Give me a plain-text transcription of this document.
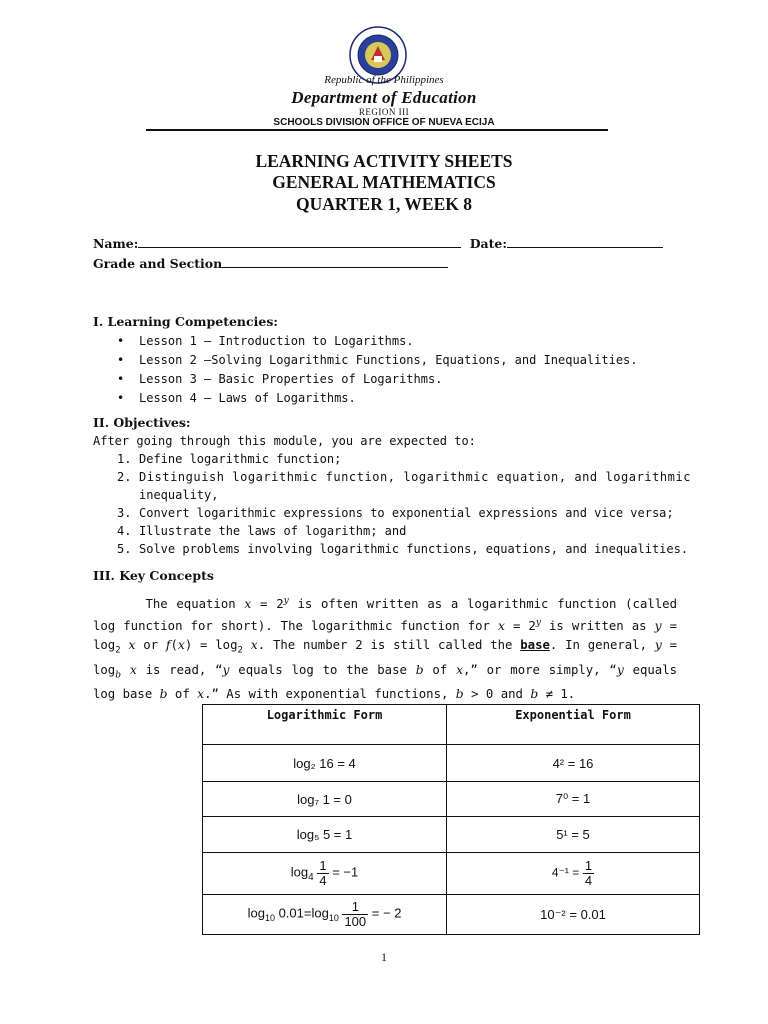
Republic of the Philippines
Department of Education
REGION III
SCHOOLS DIVISION OFFICE OF NUEVA ECIJA
LEARNING ACTIVITY SHEETS
GENERAL MATHEMATICS
QUARTER 1, WEEK 8
Name:	Date:
Grade and Section
I. Learning Competencies:
• Lesson 1 – Introduction to Logarithms.
• Lesson 2 –Solving Logarithmic Functions, Equations, and Inequalities.
• Lesson 3 – Basic Properties of Logarithms.
• Lesson 4 – Laws of Logarithms.
II. Objectives:
After going through this module, you are expected to:
1. Define logarithmic function;
2. Distinguish logarithmic function, logarithmic equation, and logarithmic
inequality,
3. Convert logarithmic expressions to exponential expressions and vice versa;
4. Illustrate the laws of logarithm; and
5. Solve problems involving logarithmic functions, equations, and inequalities.
III. Key Concepts
The equation $x = 2^y$ is often written as a logarithmic function (called log function for short). The logarithmic function for $x = 2^y$ is written as $y = \log_2 x$ or $f(x) = \log_2 x$. The number 2 is still called the base. In general, $y = \log_b x$ is read, “y equals log to the base b of x,” or more simply, “y equals log base b of x.” As with exponential functions, b > 0 and b ≠ 1.
Logarithmic Form	Exponential Form
log₂ 16 = 4	4² = 16
log₇ 1 = 0	7⁰ = 1
log₅ 5 = 1	5¹ = 5
$\log_4 \frac{1}{4} = -1$	$4^{-1} = \frac{1}{4}$

$\log_{10} 0.01=\log_{10} \frac{1}{100}$ = − 2	10⁻² = 0.01
1
